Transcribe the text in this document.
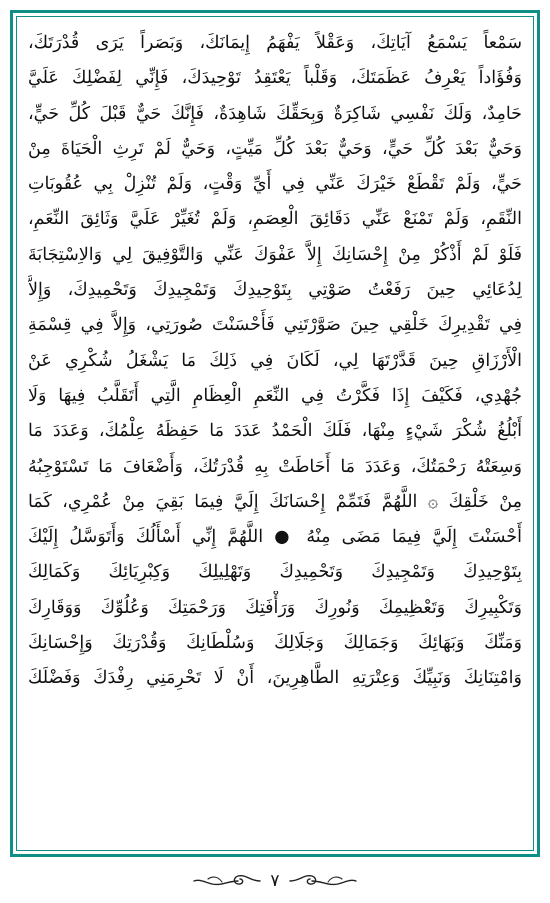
سَمْعاً يَسْمَعُ آيَاتِكَ، وَعَقْلاً يَفْهَمُ إِيمَانَكَ، وَبَصَراً يَرَى قُدْرَتَكَ،
وَفُؤَاداً يَعْرِفُ عَظَمَتَكَ، وَقَلْباً يَعْتَقِدُ تَوْحِيدَكَ، فَإِنِّي لِفَضْلِكَ عَلَيَّ
حَامِدٌ، وَلَكَ نَفْسِي شَاكِرَةٌ وَبِحَقِّكَ شَاهِدَةٌ، فَإِنَّكَ حَيٌّ قَبْلَ كُلِّ حَيٍّ،
وَحَيٌّ بَعْدَ كُلِّ حَيٍّ، وَحَيٌّ بَعْدَ كُلِّ مَيِّتٍ، وَحَيٌّ لَمْ تَرِثِ الْحَيَاةَ مِنْ
حَيٍّ، وَلَمْ تَقْطَعْ خَيْرَكَ عَنِّي فِي أَيِّ وَقْتٍ، وَلَمْ تُنْزِلْ بِي عُقُوبَاتِ
النِّقَمِ، وَلَمْ تَمْنَعْ عَنِّي دَقَائِقَ الْعِصَمِ، وَلَمْ تُغَيِّرْ عَلَيَّ وَثَائِقَ النِّعَمِ،
فَلَوْ لَمْ أَذْكُرْ مِنْ إِحْسَانِكَ إِلاَّ عَفْوَكَ عَنِّي وَالتَّوْفِيقَ لِي وَالاِسْتِجَابَةَ
لِدُعَائِي حِينَ رَفَعْتُ صَوْتِي بِتَوْحِيدِكَ وَتَمْجِيدِكَ وَتَحْمِيدِكَ، وَإِلاَّ
فِي تَقْدِيرِكَ خَلْقِي حِينَ صَوَّرْتَنِي فَأَحْسَنْتَ صُورَتِي، وَإِلاَّ فِي قِسْمَةِ
الْأَرْزَاقِ حِينَ قَدَّرْتَهَا لِي، لَكَانَ فِي ذَلِكَ مَا يَشْغَلُ شُكْرِي عَنْ
جُهْدِي، فَكَيْفَ إِذَا فَكَّرْتُ فِي النِّعَمِ الْعِظَامِ الَّتِي أَتَقَلَّبُ فِيهَا وَلَا
أَبْلُغُ شُكْرَ شَيْءٍ مِنْهَا، فَلَكَ الْحَمْدُ عَدَدَ مَا حَفِظَهُ عِلْمُكَ، وَعَدَدَ مَا
وَسِعَتْهُ رَحْمَتُكَ، وَعَدَدَ مَا أَحَاطَتْ بِهِ قُدْرَتُكَ، وَأَضْعَافَ مَا تَسْتَوْجِبُهُ
مِنْ خَلْقِكَ ۞ اللَّهُمَّ فَتَمِّمْ إِحْسَانَكَ إِلَيَّ فِيمَا بَقِيَ مِنْ عُمْرِي، كَمَا
أَحْسَنْتَ إِلَيَّ فِيمَا مَضَى مِنْهُ ● اللَّهُمَّ إِنِّي أَسْأَلُكَ وَأَتَوَسَّلُ إِلَيْكَ
بِتَوْحِيدِكَ وَتَمْجِيدِكَ وَتَحْمِيدِكَ وَتَهْلِيلِكَ وَكِبْرِيَائِكَ وَكَمَالِكَ
وَتَكْبِيرِكَ وَتَعْظِيمِكَ وَنُورِكَ وَرَأْفَتِكَ وَرَحْمَتِكَ وَعُلُوِّكَ وَوَقَارِكَ
وَمَنِّكَ وَبَهَائِكَ وَجَمَالِكَ وَجَلَالِكَ وَسُلْطَانِكَ وَقُدْرَتِكَ وَإِحْسَانِكَ
وَامْتِنَانِكَ وَنَبِيِّكَ وَعِتْرَتِهِ الطَّاهِرِينَ، أَنْ لَا تَحْرِمَنِي رِفْدَكَ وَفَضْلَكَ
٧
